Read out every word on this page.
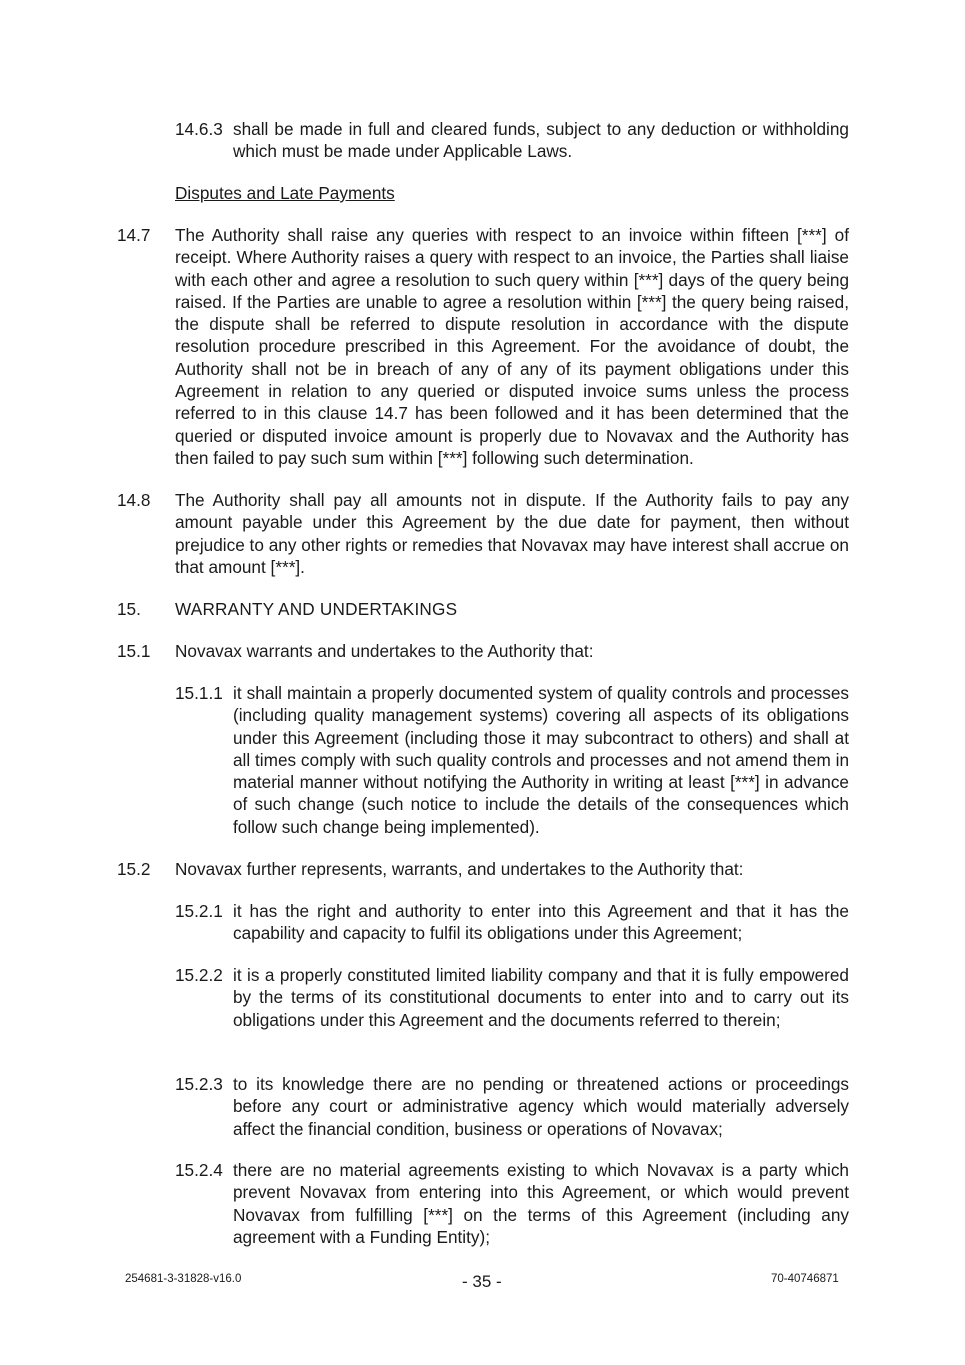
14.6.3 shall be made in full and cleared funds, subject to any deduction or withholding which must be made under Applicable Laws.

Disputes and Late Payments

14.7 The Authority shall raise any queries with respect to an invoice within fifteen [***] of receipt. Where Authority raises a query with respect to an invoice, the Parties shall liaise with each other and agree a resolution to such query within [***] days of the query being raised. If the Parties are unable to agree a resolution within [***] the query being raised, the dispute shall be referred to dispute resolution in accordance with the dispute resolution procedure prescribed in this Agreement. For the avoidance of doubt, the Authority shall not be in breach of any of any of its payment obligations under this Agreement in relation to any queried or disputed invoice sums unless the process referred to in this clause 14.7 has been followed and it has been determined that the queried or disputed invoice amount is properly due to Novavax and the Authority has then failed to pay such sum within [***] following such determination.

14.8 The Authority shall pay all amounts not in dispute. If the Authority fails to pay any amount payable under this Agreement by the due date for payment, then without prejudice to any other rights or remedies that Novavax may have interest shall accrue on that amount [***].

15. WARRANTY AND UNDERTAKINGS

15.1 Novavax warrants and undertakes to the Authority that:

15.1.1 it shall maintain a properly documented system of quality controls and processes (including quality management systems) covering all aspects of its obligations under this Agreement (including those it may subcontract to others) and shall at all times comply with such quality controls and processes and not amend them in material manner without notifying the Authority in writing at least [***] in advance of such change (such notice to include the details of the consequences which follow such change being implemented).

15.2 Novavax further represents, warrants, and undertakes to the Authority that:

15.2.1 it has the right and authority to enter into this Agreement and that it has the capability and capacity to fulfil its obligations under this Agreement;

15.2.2 it is a properly constituted limited liability company and that it is fully empowered by the terms of its constitutional documents to enter into and to carry out its obligations under this Agreement and the documents referred to therein;

15.2.3 to its knowledge there are no pending or threatened actions or proceedings before any court or administrative agency which would materially adversely affect the financial condition, business or operations of Novavax;

15.2.4 there are no material agreements existing to which Novavax is a party which prevent Novavax from entering into this Agreement, or which would prevent Novavax from fulfilling [***] on the terms of this Agreement (including any agreement with a Funding Entity);

254681-3-31828-v16.0	- 35 -	70-40746871
